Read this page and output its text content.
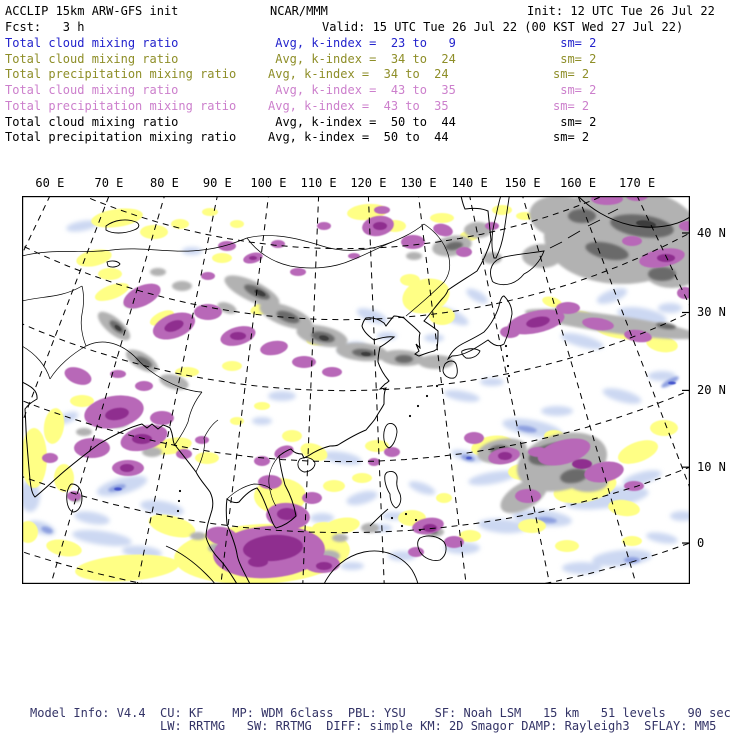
ACCLIP 15km ARW-GFS init	NCAR/MMM	Init: 12 UTC Tue 26 Jul 22
Fcst:   3 h	Valid: 15 UTC Tue 26 Jul 22 (00 KST Wed 27 Jul 22)
Total cloud mixing ratio	Avg, k-index =  23 to   9	sm= 2
Total cloud mixing ratio	Avg, k-index =  34 to  24	sm= 2
Total precipitation mixing ratio	Avg, k-index =  34 to  24	sm= 2
Total cloud mixing ratio	Avg, k-index =  43 to  35	sm= 2
Total precipitation mixing ratio	Avg, k-index =  43 to  35	sm= 2
Total cloud mixing ratio	Avg, k-index =  50 to  44	sm= 2
Total precipitation mixing ratio	Avg, k-index =  50 to  44	sm= 2
60 E	70 E 80 E 90 E 100 E 110 E 120 E 130 E 140 E 150 E 160 E 170 E
40 N
30 N
20 N
10 N
0
Model Info: V4.4  CU: KF    MP: WDM 6class  PBL: YSU    SF: Noah LSM   15 km   51 levels   90 sec
LW: RRTMG   SW: RRTMG  DIFF: simple KM: 2D Smagor DAMP: Rayleigh3  SFLAY: MM5
